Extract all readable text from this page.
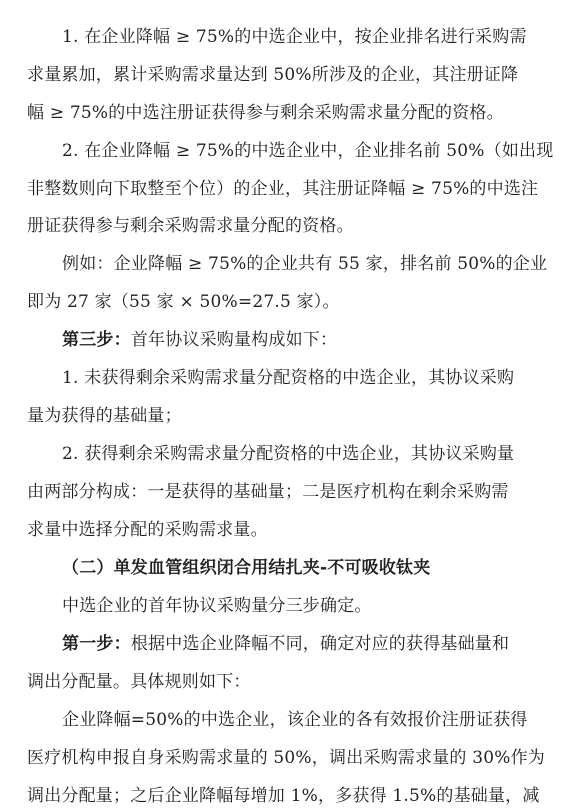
1. 在企业降幅 ≥ 75%的中选企业中，按企业排名进行采购需
求量累加，累计采购需求量达到 50%所涉及的企业，其注册证降
幅 ≥ 75%的中选注册证获得参与剩余采购需求量分配的资格。
2. 在企业降幅 ≥ 75%的中选企业中，企业排名前 50%（如出现
非整数则向下取整至个位）的企业，其注册证降幅 ≥ 75%的中选注
册证获得参与剩余采购需求量分配的资格。
例如：企业降幅 ≥ 75%的企业共有 55 家，排名前 50%的企业
即为 27 家（55 家 × 50%=27.5 家）。
第三步：首年协议采购量构成如下：
1. 未获得剩余采购需求量分配资格的中选企业，其协议采购
量为获得的基础量；
2. 获得剩余采购需求量分配资格的中选企业，其协议采购量
由两部分构成：一是获得的基础量；二是医疗机构在剩余采购需
求量中选择分配的采购需求量。
（二）单发血管组织闭合用结扎夹-不可吸收钛夹
中选企业的首年协议采购量分三步确定。
第一步：根据中选企业降幅不同，确定对应的获得基础量和
调出分配量。具体规则如下：
企业降幅=50%的中选企业，该企业的各有效报价注册证获得
医疗机构申报自身采购需求量的 50%，调出采购需求量的 30%作为
调出分配量；之后企业降幅每增加 1%，多获得 1.5%的基础量，减
